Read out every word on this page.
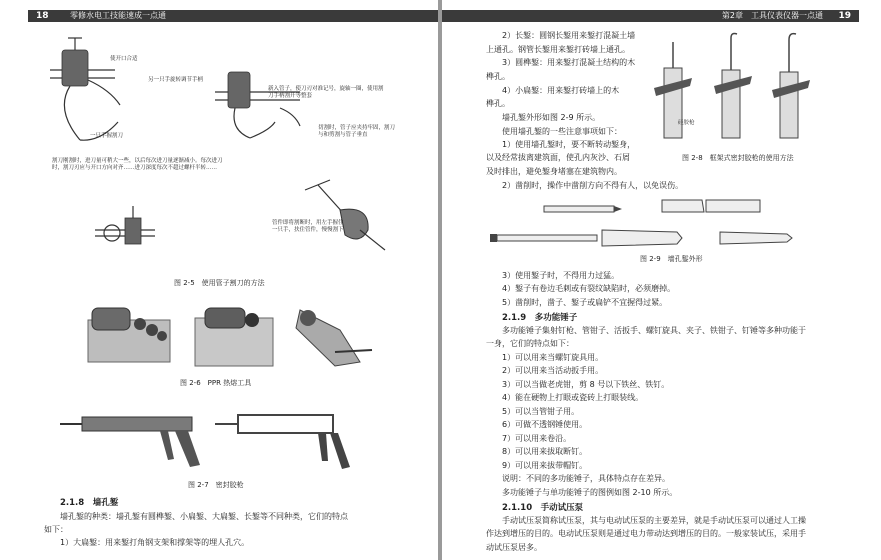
18	零修水电工技能速成一点通
使开口合适
另一只手旋转调节手柄
一只手握割刀
新入管子，使刀刃对准记号，旋轴一圈，使用割刀手柄割开等整套
切割时，管子应夹持牢固，割刀与和剪割与管子垂直
割刀刚割时，进刀量可稍大一些，以后每次进刀量逐渐减小。每次进刀时，割刀刃应与开口方向对齐……进刀深度每次不超过螺杆半转……
管件即将割断时，用左手握住一只手，扶住管件，慢慢割下
图 2-5　使用管子割刀的方法
图 2-6　PPR 热熔工具
图 2-7　密封胶枪
2.1.8　墙孔錾
墙孔錾的种类：墙孔錾有圆榫錾、小扁錾、大扁錾、长錾等不同种类，它们的特点
如下：
1）大扁錾：用来錾打角钢支架和撑架等的埋人孔穴。
第2章　工具仪表仪器一点通 19
2）长錾：圆钢长錾用来錾打混凝土墙
上通孔。钢管长錾用来錾打砖墙上通孔。
3）圆榫錾：用来錾打混凝土结构的木
榫孔。
4）小扁錾：用来錾打砖墙上的木
榫孔。
墙孔錾外形如图 2-9 所示。
使用墙孔錾的一些注意事项如下：
1）使用墙孔錾时，要不断转动錾身，
以及经常拔离建筑面，使孔内灰沙、石屑
及时排出，避免錾身堵塞在建筑物内。
2）凿削时，操作中凿削方向不得有人，以免误伤。
硅胶枪
图 2-8　框架式密封胶枪的使用方法
图 2-9　墙孔錾外形
3）使用錾子时，不得用力过猛。
4）錾子有卷边毛刺或有裂纹缺陷时，必须磨掉。
5）凿削时，凿子、錾子或扁铲不宜握得过紧。
2.1.9　多功能锤子
多功能锤子集射钉枪、管钳子、活扳手、螺钉旋具、夹子、铁钳子、钉锤等多种功能于
一身，它们的特点如下：
1）可以用来当螺钉旋具用。
2）可以用来当活动扳手用。
3）可以当做老虎钳，剪 8 号以下铁丝、铁钉。
4）能在硬物上打眼或瓷砖上打眼装线。
5）可以当管钳子用。
6）可做不透钢锤使用。
7）可以用来卷沿。
8）可以用来拔取断钉。
9）可以用来拔带帽钉。
说明：不同的多功能锤子，具体特点存在差异。
多功能锤子与单功能锤子的图例如图 2-10 所示。
2.1.10　手动试压泵
手动试压泵简称试压泵，其与电动试压泵的主要差异，就是手动试压泵可以通过人工操
作达到增压的目的。电动试压泵则是通过电力带动达到增压的目的。一般家装试压，采用手
动试压泵居多。
